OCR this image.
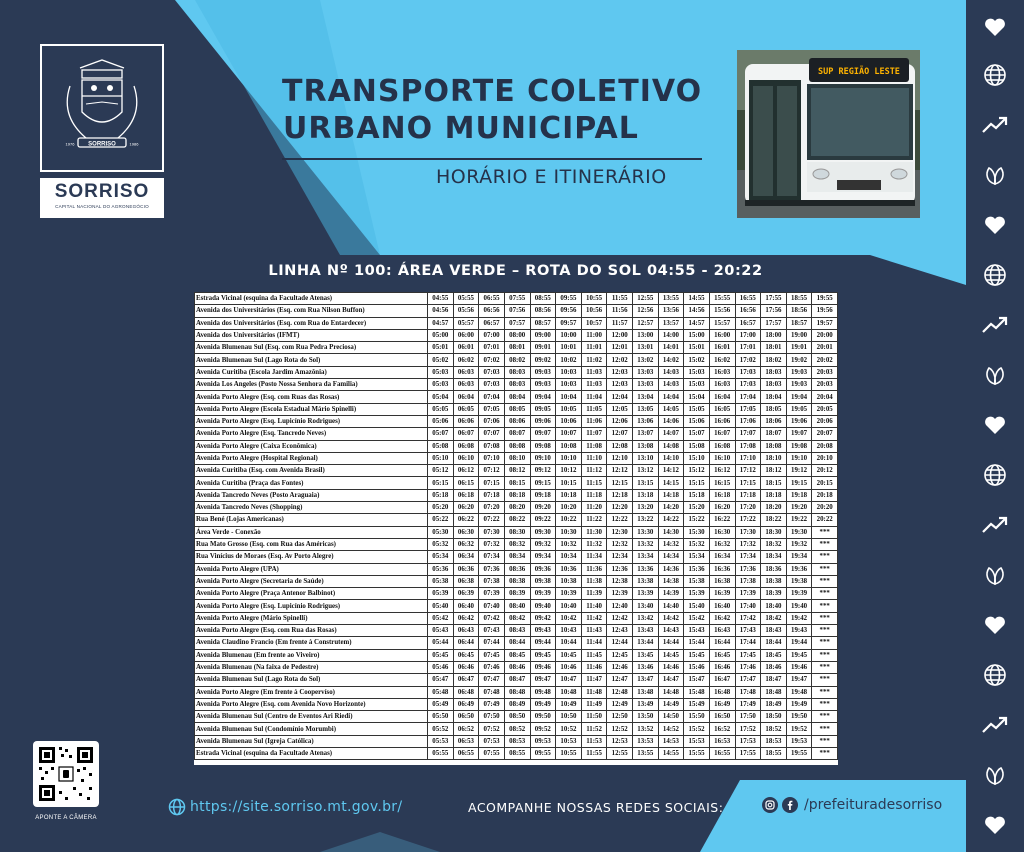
SORRISO
1976	1986
SORRISO
CAPITAL NACIONAL DO AGRONEGÓCIO
TRANSPORTE COLETIVO
URBANO MUNICIPAL
HORÁRIO E ITINERÁRIO
SUP REGIÃO LESTE
LINHA Nº 100: ÁREA VERDE – ROTA DO SOL 04:55 - 20:22
Estrada Vicinal (esquina da Facultade Atenas)	04:55	05:55	06:55	07:55	08:55	09:55	10:55	11:55	12:55	13:55	14:55	15:55	16:55	17:55	18:55	19:55
Avenida dos Universitários (Esq. com Rua Nilson Buffon)	04:56	05:56	06:56	07:56	08:56	09:56	10:56	11:56	12:56	13:56	14:56	15:56	16:56	17:56	18:56	19:56
Avenida dos Universitários (Esq. com Rua do Entardecer)	04:57	05:57	06:57	07:57	08:57	09:57	10:57	11:57	12:57	13:57	14:57	15:57	16:57	17:57	18:57	19:57
Avenida dos Universitários (IFMT)	05:00	06:00	07:00	08:00	09:00	10:00	11:00	12:00	13:00	14:00	15:00	16:00	17:00	18:00	19:00	20:00
Avenida Blumenau Sul (Esq. com Rua Pedra Preciosa)	05:01	06:01	07:01	08:01	09:01	10:01	11:01	12:01	13:01	14:01	15:01	16:01	17:01	18:01	19:01	20:01
Avenida Blumenau Sul (Lago Rota do Sol)	05:02	06:02	07:02	08:02	09:02	10:02	11:02	12:02	13:02	14:02	15:02	16:02	17:02	18:02	19:02	20:02
Avenida Curitiba (Escola Jardim Amazônia)	05:03	06:03	07:03	08:03	09:03	10:03	11:03	12:03	13:03	14:03	15:03	16:03	17:03	18:03	19:03	20:03
Avenida Los Angeles (Posto Nossa Senhora da Familia)	05:03	06:03	07:03	08:03	09:03	10:03	11:03	12:03	13:03	14:03	15:03	16:03	17:03	18:03	19:03	20:03
Avenida Porto Alegre (Esq. com Ruas das Rosas)	05:04	06:04	07:04	08:04	09:04	10:04	11:04	12:04	13:04	14:04	15:04	16:04	17:04	18:04	19:04	20:04
Avenida Porto Alegre (Escola Estadual Mário Spinelli)	05:05	06:05	07:05	08:05	09:05	10:05	11:05	12:05	13:05	14:05	15:05	16:05	17:05	18:05	19:05	20:05
Avenida Porto Alegre (Esq. Lupicínio Rodrigues)	05:06	06:06	07:06	08:06	09:06	10:06	11:06	12:06	13:06	14:06	15:06	16:06	17:06	18:06	19:06	20:06
Avenida Porto Alegre (Esq. Tancredo Neves)	05:07	06:07	07:07	08:07	09:07	10:07	11:07	12:07	13:07	14:07	15:07	16:07	17:07	18:07	19:07	20:07
Avenida Porto Alegre (Caixa Econômica)	05:08	06:08	07:08	08:08	09:08	10:08	11:08	12:08	13:08	14:08	15:08	16:08	17:08	18:08	19:08	20:08
Avenida Porto Alegre (Hospital Regional)	05:10	06:10	07:10	08:10	09:10	10:10	11:10	12:10	13:10	14:10	15:10	16:10	17:10	18:10	19:10	20:10
Avenida Curitiba (Esq. com Avenida Brasil)	05:12	06:12	07:12	08:12	09:12	10:12	11:12	12:12	13:12	14:12	15:12	16:12	17:12	18:12	19:12	20:12
Avenida Curitiba (Praça das Fontes)	05:15	06:15	07:15	08:15	09:15	10:15	11:15	12:15	13:15	14:15	15:15	16:15	17:15	18:15	19:15	20:15
Avenida Tancredo Neves (Posto Araguaia)	05:18	06:18	07:18	08:18	09:18	10:18	11:18	12:18	13:18	14:18	15:18	16:18	17:18	18:18	19:18	20:18
Avenida Tancredo Neves (Shopping)	05:20	06:20	07:20	08:20	09:20	10:20	11:20	12:20	13:20	14:20	15:20	16:20	17:20	18:20	19:20	20:20
Rua Bené (Lojas Americanas)	05:22	06:22	07:22	08:22	09:22	10:22	11:22	12:22	13:22	14:22	15:22	16:22	17:22	18:22	19:22	20:22
Área Verde - Conexão	05:30	06:30	07:30	08:30	09:30	10:30	11:30	12:30	13:30	14:30	15:30	16:30	17:30	18:30	19:30	***
Rua Mato Grosso (Esq. com Rua das Américas)	05:32	06:32	07:32	08:32	09:32	10:32	11:32	12:32	13:32	14:32	15:32	16:32	17:32	18:32	19:32	***
Rua Vinícius de Moraes (Esq. Av Porto Alegre)	05:34	06:34	07:34	08:34	09:34	10:34	11:34	12:34	13:34	14:34	15:34	16:34	17:34	18:34	19:34	***
Avenida Porto Alegre (UPA)	05:36	06:36	07:36	08:36	09:36	10:36	11:36	12:36	13:36	14:36	15:36	16:36	17:36	18:36	19:36	***
Avenida Porto Alegre (Secretaria de Saúde)	05:38	06:38	07:38	08:38	09:38	10:38	11:38	12:38	13:38	14:38	15:38	16:38	17:38	18:38	19:38	***
Avenida Porto Alegre (Praça Antenor Balbinot)	05:39	06:39	07:39	08:39	09:39	10:39	11:39	12:39	13:39	14:39	15:39	16:39	17:39	18:39	19:39	***
Avenida Porto Alegre (Esq. Lupicínio Rodrigues)	05:40	06:40	07:40	08:40	09:40	10:40	11:40	12:40	13:40	14:40	15:40	16:40	17:40	18:40	19:40	***
Avenida Porto Alegre (Mário Spinelli)	05:42	06:42	07:42	08:42	09:42	10:42	11:42	12:42	13:42	14:42	15:42	16:42	17:42	18:42	19:42	***
Avenida Porto Alegre (Esq. com Rua das Rosas)	05:43	06:43	07:43	08:43	09:43	10:43	11:43	12:43	13:43	14:43	15:43	16:43	17:43	18:43	19:43	***
Avenida Claudino Francio (Em frente à Construtem)	05:44	06:44	07:44	08:44	09:44	10:44	11:44	12:44	13:44	14:44	15:44	16:44	17:44	18:44	19:44	***
Avenida Blumenau (Em frente ao Viveiro)	05:45	06:45	07:45	08:45	09:45	10:45	11:45	12:45	13:45	14:45	15:45	16:45	17:45	18:45	19:45	***
Avenida Blumenau (Na faixa de Pedestre)	05:46	06:46	07:46	08:46	09:46	10:46	11:46	12:46	13:46	14:46	15:46	16:46	17:46	18:46	19:46	***
Avenida Blumenau Sul (Lago Rota do Sol)	05:47	06:47	07:47	08:47	09:47	10:47	11:47	12:47	13:47	14:47	15:47	16:47	17:47	18:47	19:47	***
Avenida Porto Alegre (Em frente à Coopervíso)	05:48	06:48	07:48	08:48	09:48	10:48	11:48	12:48	13:48	14:48	15:48	16:48	17:48	18:48	19:48	***
Avenida Porto Alegre (Esq. com Avenida Novo Horizonte)	05:49	06:49	07:49	08:49	09:49	10:49	11:49	12:49	13:49	14:49	15:49	16:49	17:49	18:49	19:49	***
Avenida Blumenau Sul (Centro de Eventos Ari Riedi)	05:50	06:50	07:50	08:50	09:50	10:50	11:50	12:50	13:50	14:50	15:50	16:50	17:50	18:50	19:50	***
Avenida Blumenau Sul (Condomínio Morumbi)	05:52	06:52	07:52	08:52	09:52	10:52	11:52	12:52	13:52	14:52	15:52	16:52	17:52	18:52	19:52	***
Avenida Blumenau Sul (Igreja Católica)	05:53	06:53	07:53	08:53	09:53	10:53	11:53	12:53	13:53	14:53	15:53	16:53	17:53	18:53	19:53	***
Estrada Vicinal (esquina da Facultade Atenas)	05:55	06:55	07:55	08:55	09:55	10:55	11:55	12:55	13:55	14:55	15:55	16:55	17:55	18:55	19:55	***
APONTE A CÂMERA
https://site.sorriso.mt.gov.br/	ACOMPANHE NOSSAS REDES SOCIAIS:	/prefeituradesorriso
